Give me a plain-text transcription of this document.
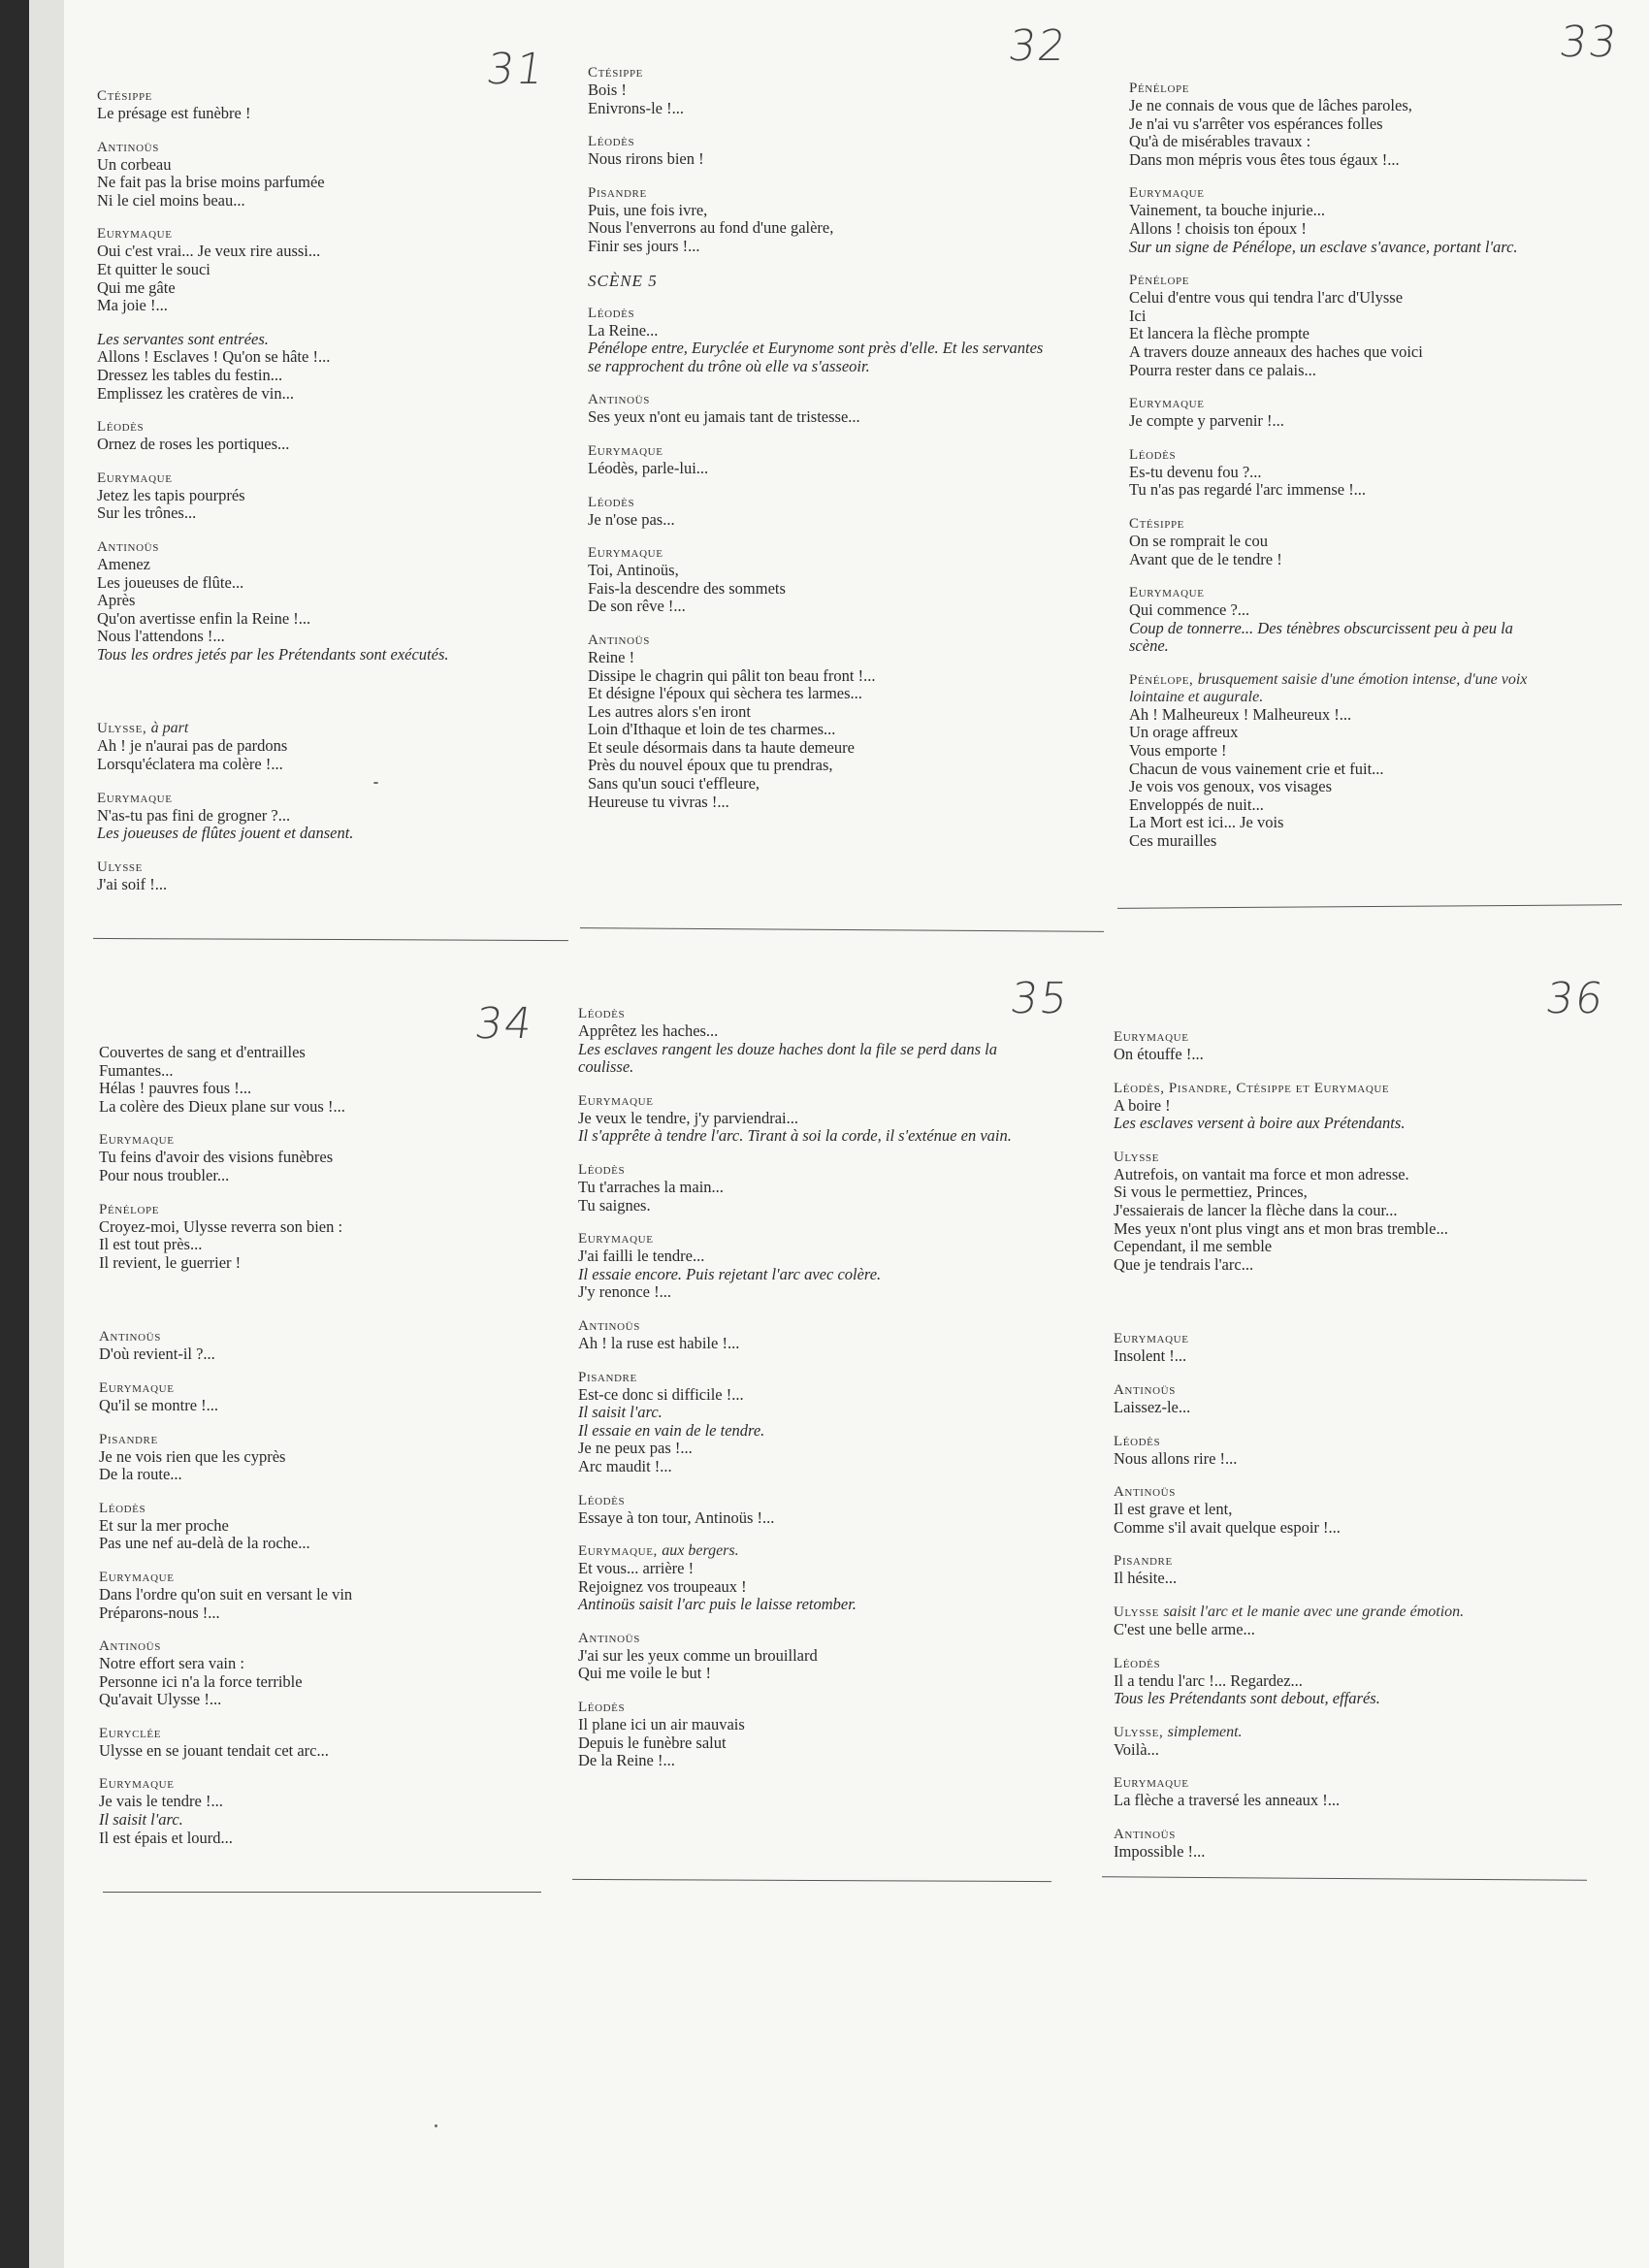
31	32	33
34
35	36
Ctésippe
Le présage est funèbre !
Antinoüs
Un corbeau
Ne fait pas la brise moins parfumée
Ni le ciel moins beau...
Eurymaque
Oui c'est vrai... Je veux rire aussi...
Et quitter le souci
Qui me gâte
Ma joie !...
Les servantes sont entrées.
Allons ! Esclaves ! Qu'on se hâte !...
Dressez les tables du festin...
Emplissez les cratères de vin...
Léodès
Ornez de roses les portiques...
Eurymaque
Jetez les tapis pourprés
Sur les trônes...
Antinoüs
Amenez
Les joueuses de flûte...
Après
Qu'on avertisse enfin la Reine !...
Nous l'attendons !...
Tous les ordres jetés par les Prétendants sont exécutés.
Ulysse, à part
Ah ! je n'aurai pas de pardons
Lorsqu'éclatera ma colère !...
Eurymaque
N'as-tu pas fini de grogner ?...
Les joueuses de flûtes jouent et dansent.
Ulysse
J'ai soif !...
Ctésippe
Bois !
Enivrons-le !...
Léodès
Nous rirons bien !
Pisandre
Puis, une fois ivre,
Nous l'enverrons au fond d'une galère,
Finir ses jours !...
SCÈNE 5
Léodès
La Reine...
Pénélope entre, Euryclée et Eurynome sont près d'elle. Et les servantes se rapprochent du trône où elle va s'asseoir.
Antinoüs
Ses yeux n'ont eu jamais tant de tristesse...
Eurymaque
Léodès, parle-lui...
Léodès
Je n'ose pas...
Eurymaque
Toi, Antinoüs,
Fais-la descendre des sommets
De son rêve !...
Antinoüs
Reine !
Dissipe le chagrin qui pâlit ton beau front !...
Et désigne l'époux qui sèchera tes larmes...
Les autres alors s'en iront
Loin d'Ithaque et loin de tes charmes...
Et seule désormais dans ta haute demeure
Près du nouvel époux que tu prendras,
Sans qu'un souci t'effleure,
Heureuse tu vivras !...
Pénélope
Je ne connais de vous que de lâches paroles,
Je n'ai vu s'arrêter vos espérances folles
Qu'à de misérables travaux :
Dans mon mépris vous êtes tous égaux !...
Eurymaque
Vainement, ta bouche injurie...
Allons ! choisis ton époux !
Sur un signe de Pénélope, un esclave s'avance, portant l'arc.
Pénélope
Celui d'entre vous qui tendra l'arc d'Ulysse
Ici
Et lancera la flèche prompte
A travers douze anneaux des haches que voici
Pourra rester dans ce palais...
Eurymaque
Je compte y parvenir !...
Léodès
Es-tu devenu fou ?...
Tu n'as pas regardé l'arc immense !...
Ctésippe
On se romprait le cou
Avant que de le tendre !
Eurymaque
Qui commence ?...
Coup de tonnerre... Des ténèbres obscurcissent peu à peu la scène.
Pénélope, brusquement saisie d'une émotion intense, d'une voix lointaine et augurale.
Ah ! Malheureux ! Malheureux !...
Un orage affreux
Vous emporte !
Chacun de vous vainement crie et fuit...
Je vois vos genoux, vos visages
Enveloppés de nuit...
La Mort est ici... Je vois
Ces murailles
Couvertes de sang et d'entrailles
Fumantes...
Hélas ! pauvres fous !...
La colère des Dieux plane sur vous !...
Eurymaque
Tu feins d'avoir des visions funèbres
Pour nous troubler...
Pénélope
Croyez-moi, Ulysse reverra son bien :
Il est tout près...
Il revient, le guerrier !
Antinoüs
D'où revient-il ?...
Eurymaque
Qu'il se montre !...
Pisandre
Je ne vois rien que les cyprès
De la route...
Léodès
Et sur la mer proche
Pas une nef au-delà de la roche...
Eurymaque
Dans l'ordre qu'on suit en versant le vin
Préparons-nous !...
Antinoüs
Notre effort sera vain :
Personne ici n'a la force terrible
Qu'avait Ulysse !...
Euryclée
Ulysse en se jouant tendait cet arc...
Eurymaque
Je vais le tendre !...
Il saisit l'arc.
Il est épais et lourd...
Léodès
Apprêtez les haches...
Les esclaves rangent les douze haches dont la file se perd dans la coulisse.
Eurymaque
Je veux le tendre, j'y parviendrai...
Il s'apprête à tendre l'arc. Tirant à soi la corde, il s'exténue en vain.
Léodès
Tu t'arraches la main...
Tu saignes.
Eurymaque
J'ai failli le tendre...
Il essaie encore. Puis rejetant l'arc avec colère.
J'y renonce !...
Antinoüs
Ah ! la ruse est habile !...
Pisandre
Est-ce donc si difficile !...
Il saisit l'arc.
Il essaie en vain de le tendre.
Je ne peux pas !...
Arc maudit !...
Léodès
Essaye à ton tour, Antinoüs !...
Eurymaque, aux bergers.
Et vous... arrière !
Rejoignez vos troupeaux !
Antinoüs saisit l'arc puis le laisse retomber.
Antinoüs
J'ai sur les yeux comme un brouillard
Qui me voile le but !
Léodès
Il plane ici un air mauvais
Depuis le funèbre salut
De la Reine !...
Eurymaque
On étouffe !...
Léodès, Pisandre, Ctésippe et Eurymaque
A boire !
Les esclaves versent à boire aux Prétendants.
Ulysse
Autrefois, on vantait ma force et mon adresse.
Si vous le permettiez, Princes,
J'essaierais de lancer la flèche dans la cour...
Mes yeux n'ont plus vingt ans et mon bras tremble...
Cependant, il me semble
Que je tendrais l'arc...
Eurymaque
Insolent !...
Antinoüs
Laissez-le...
Léodès
Nous allons rire !...
Antinoüs
Il est grave et lent,
Comme s'il avait quelque espoir !...
Pisandre
Il hésite...
Ulysse saisit l'arc et le manie avec une grande émotion.
C'est une belle arme...
Léodès
Il a tendu l'arc !... Regardez...
Tous les Prétendants sont debout, effarés.
Ulysse, simplement.
Voilà...
Eurymaque
La flèche a traversé les anneaux !...
Antinoüs
Impossible !...
